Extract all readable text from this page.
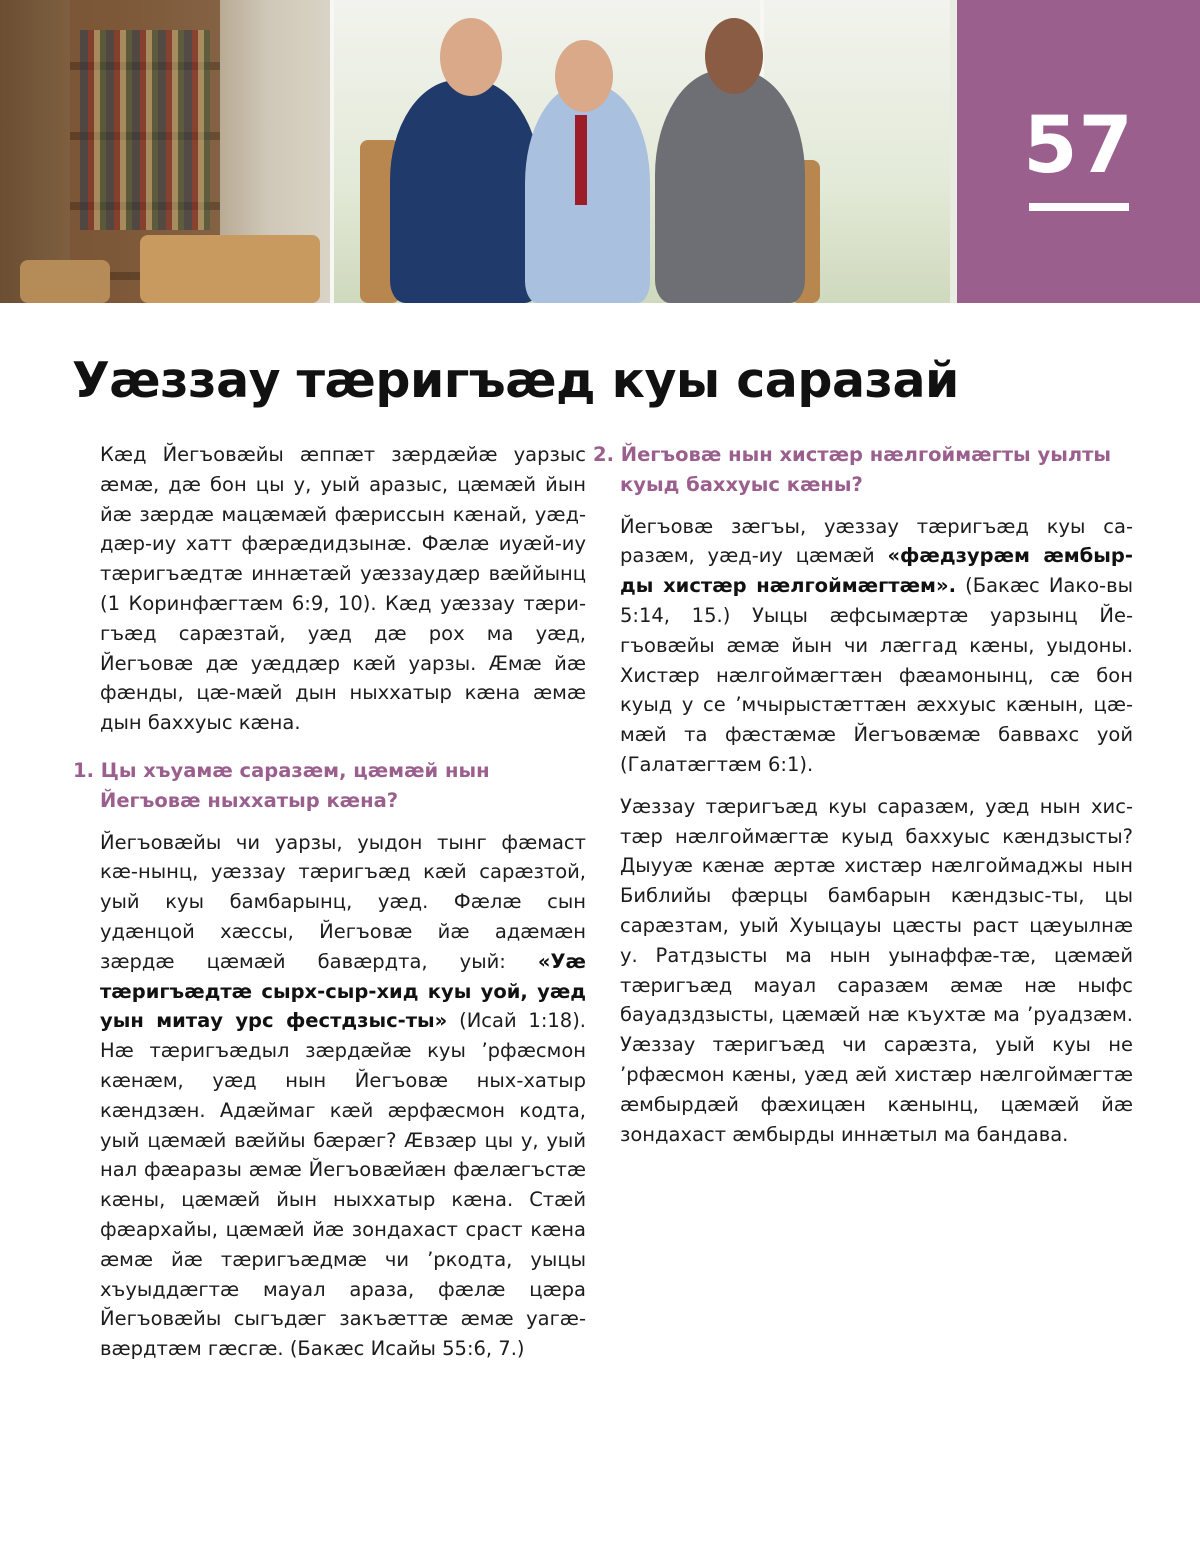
57
Уæззау тæригъæд куы саразай

Кæд Йегъовæйы æппæт зæрдæйæ уарзыс æмæ, дæ бон цы у, уый аразыс, цæмæй йын йæ зæрдæ мацæмæй фæриссын кæнай, уæд-дæр-иу хатт фæрæдидзынæ. Фæлæ иуæй-иу тæригъæдтæ иннæтæй уæззаудæр вæййынц (1 Коринфæгтæм 6:9, 10). Кæд уæззау тæри-гъæд сарæзтай, уæд дæ рох ма уæд, Йегъовæ дæ уæддæр кæй уарзы. Æмæ йæ фæнды, цæ-мæй дын ныххатыр кæна æмæ дын баххуыс кæна.

1. Цы хъуамæ саразæм, цæмæй нын Йегъовæ ныххатыр кæна?

Йегъовæйы чи уарзы, уыдон тынг фæмаст кæ-нынц, уæззау тæригъæд кæй сарæзтой, уый куы бамбарынц, уæд. Фæлæ сын удæнцой хæссы, Йегъовæ йæ адæмæн зæрдæ цæмæй бавæрдта, уый: «Уæ тæригъæдтæ сырх-сыр-хид куы уой, уæд уын митау урс фестдзыс-ты» (Исай 1:18). Нæ тæригъæдыл зæрдæйæ куы ’рфæсмон кæнæм, уæд нын Йегъовæ ных-хатыр кæндзæн. Адæймаг кæй æрфæсмон кодта, уый цæмæй вæййы бæрæг? Æвзæр цы у, уый нал фæаразы æмæ Йегъовæйæн фæлæгъстæ кæны, цæмæй йын ныххатыр кæна. Стæй фæархайы, цæмæй йæ зондахаст сраст кæна æмæ йæ тæригъæдмæ чи ’ркодта, уыцы хъуыддæгтæ мауал араза, фæлæ цæра Йегъовæйы сыгъдæг закъæттæ æмæ уагæ-вæрдтæм гæсгæ. (Бакæс Исайы 55:6, 7.)

2. Йегъовæ нын хистæр нæлгоймæгты уылты куыд баххуыс кæны?

Йегъовæ зæгъы, уæззау тæригъæд куы са-разæм, уæд-иу цæмæй «фæдзурæм æмбыр-ды хистæр нæлгоймæгтæм». (Бакæс Иако-вы 5:14, 15.) Уыцы æфсымæртæ уарзынц Йе-гъовæйы æмæ йын чи лæггад кæны, уыдоны. Хистæр нæлгоймæгтæн фæамонынц, сæ бон куыд у се ’мчырыстæттæн æххуыс кæнын, цæ-мæй та фæстæмæ Йегъовæмæ баввахс уой (Галатæгтæм 6:1).

Уæззау тæригъæд куы саразæм, уæд нын хис-тæр нæлгоймæгтæ куыд баххуыс кæндзысты? Дыууæ кæнæ æртæ хистæр нæлгоймаджы нын Библийы фæрцы бамбарын кæндзыс-ты, цы сарæзтам, уый Хуыцауы цæсты раст цæуылнæ у. Ратдзысты ма нын уынаффæ-тæ, цæмæй тæригъæд мауал саразæм æмæ нæ ныфс бауадздзысты, цæмæй нæ къухтæ ма ’руадзæм. Уæззау тæригъæд чи сарæзта, уый куы не ’рфæсмон кæны, уæд æй хистæр нæлгоймæгтæ æмбырдæй фæхицæн кæнынц, цæмæй йæ зондахаст æмбырды иннæтыл ма бандава.
